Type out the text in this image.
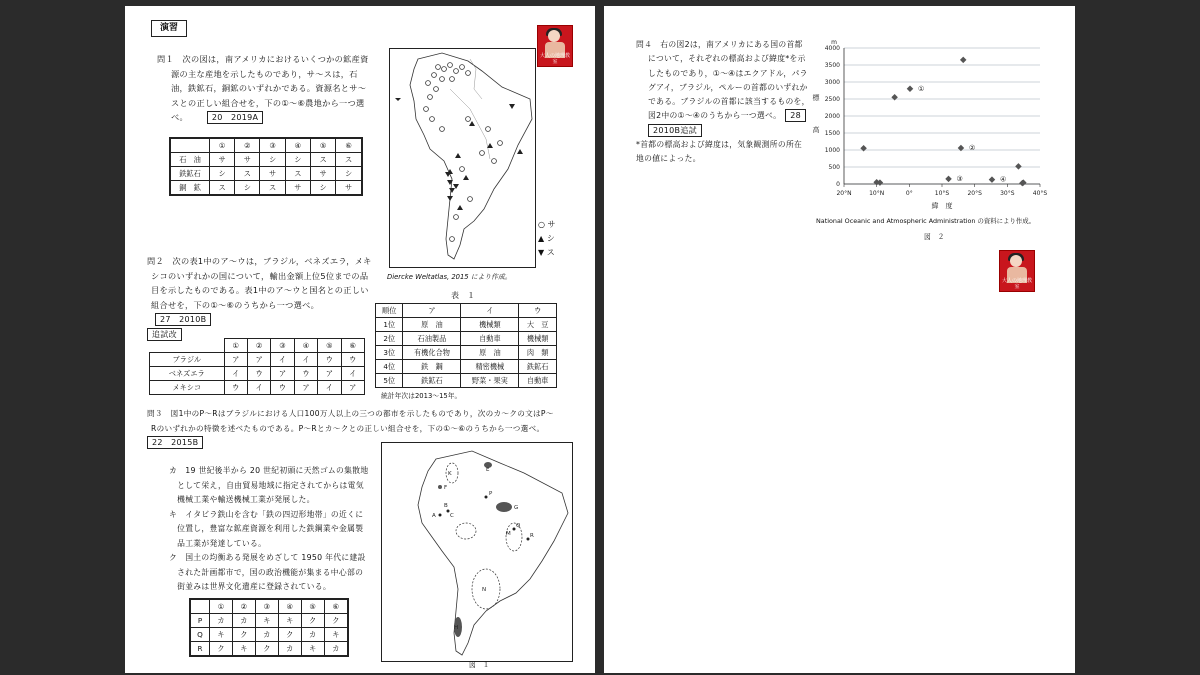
演習
大人の地理教室
問１　次の図は，南アメリカにおけるいくつかの鉱産資
源の主な産地を示したものであり，サ～スは，石
油，鉄鉱石，銅鉱のいずれかである。資源名とサ～
スとの正しい組合せを，下の①～⑥農地から一つ選
べ。	20　2019A
	①	②	③	④	⑤	⑥
石　油	サ	サ	シ	シ	ス	ス
鉄鉱石	シ	ス	サ	ス	サ	シ
銅　鉱	ス	シ	ス	サ	シ	サ
○ サ
▲ シ
▼ ス
Diercke Weltatlas, 2015 により作成。
問２　次の表1中のア～ウは，ブラジル，ベネズエラ，メキ
シコのいずれかの国について，輸出金額上位5位までの品
目を示したものである。表1中のア～ウと国名との正しい
組合せを，下の①～⑥のうちから一つ選べ。27　2010B
追試改
	①	②	③	④	⑤	⑥
ブラジル	ア	ア	イ	イ	ウ	ウ
ベネズエラ	イ	ウ	ア	ウ	ア	イ
メキシコ	ウ	イ	ウ	ア	イ	ア
表　１
順位	ア	イ	ウ
1位	原　油	機械類	大　豆
2位	石油製品	自動車	機械類
3位	有機化合物	原　油	肉　類
4位	鉄　鋼	精密機械	鉄鉱石
5位	鉄鉱石	野菜・果実	自動車
統計年次は2013～15年。
問３　図1中のP～Rはブラジルにおける人口100万人以上の三つの都市を示したものであり，次のカ～クの文はP～
Rのいずれかの特徴を述べたものである。P～Rとカ～クとの正しい組合せを，下の①～⑥のうちから一つ選べ。
22　2015B
カ　19 世紀後半から 20 世紀初頭に天然ゴムの集散地
　として栄え，自由貿易地域に指定されてからは電気
　機械工業や輸送機械工業が発展した。
キ　イタビラ鉄山を含む「鉄の四辺形地帯」の近くに
　位置し，豊富な鉱産資源を利用した鉄鋼業や金属製
　品工業が発達している。
ク　国土の均衡ある発展をめざして 1950 年代に建設
　された計画都市で，国の政治機能が集まる中心部の
　街並みは世界文化遺産に登録されている。
	①	②	③	④	⑤	⑥
P	カ	カ	キ	キ	ク	ク
Q	キ	ク	カ	ク	カ	キ
R	ク	キ	ク	カ	キ	カ
K
E
F
P
G
B
C
A
Q
M	R
N
H
図　１
問４　右の図2は，南アメリカにある国の首都
について，それぞれの標高および緯度*を示
したものであり，①～④はエクアドル，パラ
グアイ，ブラジル，ペルーの首都のいずれか
である。ブラジルの首都に該当するものを，
図2中の①～④のうちから一つ選べ。 28
2010B追試
*首都の標高および緯度は，気象観測所の所在
地の値によった。
0
500
1000
1500
2000
2500
3000
3500
4000
20°N	10°N	0°	10°S	20°S	30°S	40°S
緯　度
m
標
高
①
②
③	④
National Oceanic and Atmospheric Administration の資料により作成。
図　２
大人の地理教室
